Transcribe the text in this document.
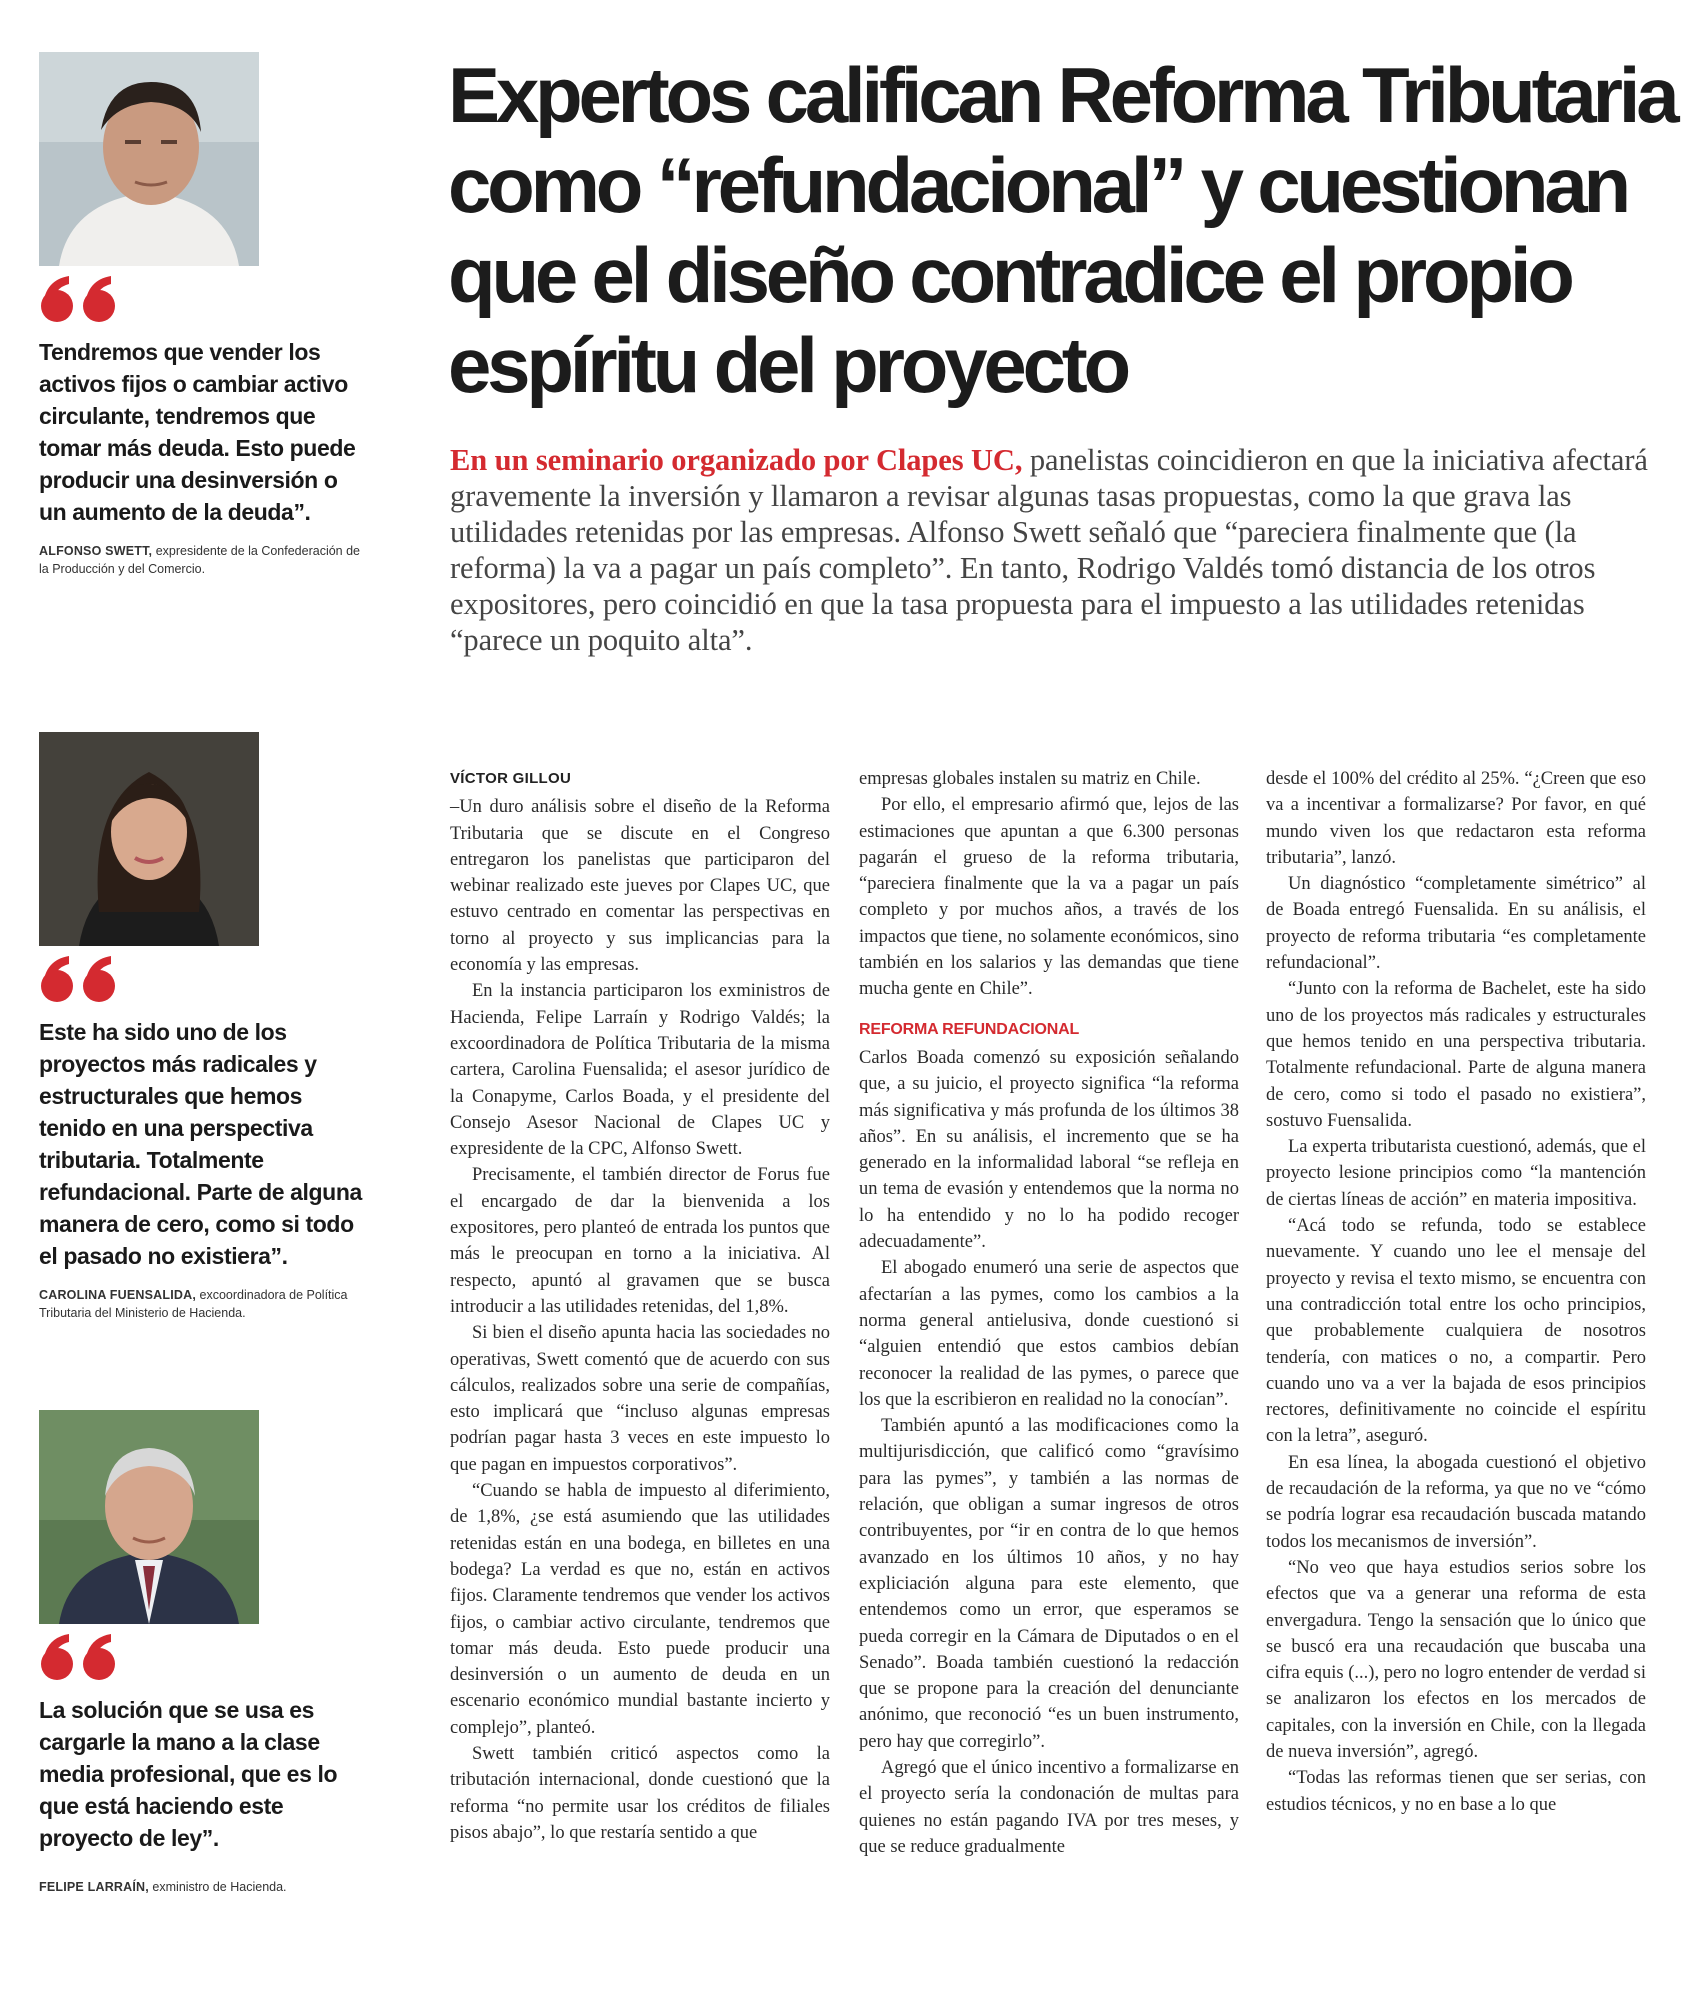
Tendremos que vender los activos fijos o cambiar activo circulante, tendremos que tomar más deuda. Esto puede producir una desinversión o un aumento de la deuda”.

ALFONSO SWETT, expresidente de la Confederación de la Producción y del Comercio.

Este ha sido uno de los proyectos más radicales y estructurales que hemos tenido en una perspectiva tributaria. Totalmente refundacional. Parte de alguna manera de cero, como si todo el pasado no existiera”.

CAROLINA FUENSALIDA, excoordinadora de Política Tributaria del Ministerio de Hacienda.

La solución que se usa es cargarle la mano a la clase media profesional, que es lo que está haciendo este proyecto de ley”.

FELIPE LARRAÍN, exministro de Hacienda.
Expertos califican Reforma Tributaria como “refundacional” y cuestionan que el diseño contradice el propio espíritu del proyecto

En un seminario organizado por Clapes UC, panelistas coincidieron en que la iniciativa afectará gravemente la inversión y llamaron a revisar algunas tasas propuestas, como la que grava las utilidades retenidas por las empresas. Alfonso Swett señaló que “pareciera finalmente que (la reforma) la va a pagar un país completo”. En tanto, Rodrigo Valdés tomó distancia de los otros expositores, pero coincidió en que la tasa propuesta para el impuesto a las utilidades retenidas “parece un poquito alta”.

VÍCTOR GILLOU

–Un duro análisis sobre el diseño de la Reforma Tributaria que se discute en el Congreso entregaron los panelistas que participaron del webinar realizado este jueves por Clapes UC, que estuvo centrado en comentar las perspectivas en torno al proyecto y sus implicancias para la economía y las empresas.

En la instancia participaron los exministros de Hacienda, Felipe Larraín y Rodrigo Valdés; la excoordinadora de Política Tributaria de la misma cartera, Carolina Fuensalida; el asesor jurídico de la Conapyme, Carlos Boada, y el presidente del Consejo Asesor Nacional de Clapes UC y expresidente de la CPC, Alfonso Swett.

Precisamente, el también director de Forus fue el encargado de dar la bienvenida a los expositores, pero planteó de entrada los puntos que más le preocupan en torno a la iniciativa. Al respecto, apuntó al gravamen que se busca introducir a las utilidades retenidas, del 1,8%.

Si bien el diseño apunta hacia las sociedades no operativas, Swett comentó que de acuerdo con sus cálculos, realizados sobre una serie de compañías, esto implicará que “incluso algunas empresas podrían pagar hasta 3 veces en este impuesto lo que pagan en impuestos corporativos”.

“Cuando se habla de impuesto al diferimiento, de 1,8%, ¿se está asumiendo que las utilidades retenidas están en una bodega, en billetes en una bodega? La verdad es que no, están en activos fijos. Claramente tendremos que vender los activos fijos, o cambiar activo circulante, tendremos que tomar más deuda. Esto puede producir una desinversión o un aumento de deuda en un escenario económico mundial bastante incierto y complejo”, planteó.

Swett también criticó aspectos como la tributación internacional, donde cuestionó que la reforma “no permite usar los créditos de filiales pisos abajo”, lo que restaría sentido a que

empresas globales instalen su matriz en Chile.

Por ello, el empresario afirmó que, lejos de las estimaciones que apuntan a que 6.300 personas pagarán el grueso de la reforma tributaria, “pareciera finalmente que la va a pagar un país completo y por muchos años, a través de los impactos que tiene, no solamente económicos, sino también en los salarios y las demandas que tiene mucha gente en Chile”.

REFORMA REFUNDACIONAL

Carlos Boada comenzó su exposición señalando que, a su juicio, el proyecto significa “la reforma más significativa y más profunda de los últimos 38 años”. En su análisis, el incremento que se ha generado en la informalidad laboral “se refleja en un tema de evasión y entendemos que la norma no lo ha entendido y no lo ha podido recoger adecuadamente”.

El abogado enumeró una serie de aspectos que afectarían a las pymes, como los cambios a la norma general antielusiva, donde cuestionó si “alguien entendió que estos cambios debían reconocer la realidad de las pymes, o parece que los que la escribieron en realidad no la conocían”.

También apuntó a las modificaciones como la multijurisdicción, que calificó como “gravísimo para las pymes”, y también a las normas de relación, que obligan a sumar ingresos de otros contribuyentes, por “ir en contra de lo que hemos avanzado en los últimos 10 años, y no hay expliciación alguna para este elemento, que entendemos como un error, que esperamos se pueda corregir en la Cámara de Diputados o en el Senado”. Boada también cuestionó la redacción que se propone para la creación del denunciante anónimo, que reconoció “es un buen instrumento, pero hay que corregirlo”.

Agregó que el único incentivo a formalizarse en el proyecto sería la condonación de multas para quienes no están pagando IVA por tres meses, y que se reduce gradualmente

desde el 100% del crédito al 25%. “¿Creen que eso va a incentivar a formalizarse? Por favor, en qué mundo viven los que redactaron esta reforma tributaria”, lanzó.

Un diagnóstico “completamente simétrico” al de Boada entregó Fuensalida. En su análisis, el proyecto de reforma tributaria “es completamente refundacional”.

“Junto con la reforma de Bachelet, este ha sido uno de los proyectos más radicales y estructurales que hemos tenido en una perspectiva tributaria. Totalmente refundacional. Parte de alguna manera de cero, como si todo el pasado no existiera”, sostuvo Fuensalida.

La experta tributarista cuestionó, además, que el proyecto lesione principios como “la mantención de ciertas líneas de acción” en materia impositiva.

“Acá todo se refunda, todo se establece nuevamente. Y cuando uno lee el mensaje del proyecto y revisa el texto mismo, se encuentra con una contradicción total entre los ocho principios, que probablemente cualquiera de nosotros tendería, con matices o no, a compartir. Pero cuando uno va a ver la bajada de esos principios rectores, definitivamente no coincide el espíritu con la letra”, aseguró.

En esa línea, la abogada cuestionó el objetivo de recaudación de la reforma, ya que no ve “cómo se podría lograr esa recaudación buscada matando todos los mecanismos de inversión”.

“No veo que haya estudios serios sobre los efectos que va a generar una reforma de esta envergadura. Tengo la sensación que lo único que se buscó era una recaudación que buscaba una cifra equis (...), pero no logro entender de verdad si se analizaron los efectos en los mercados de capitales, con la inversión en Chile, con la llegada de nueva inversión”, agregó.

“Todas las reformas tienen que ser serias, con estudios técnicos, y no en base a lo que
